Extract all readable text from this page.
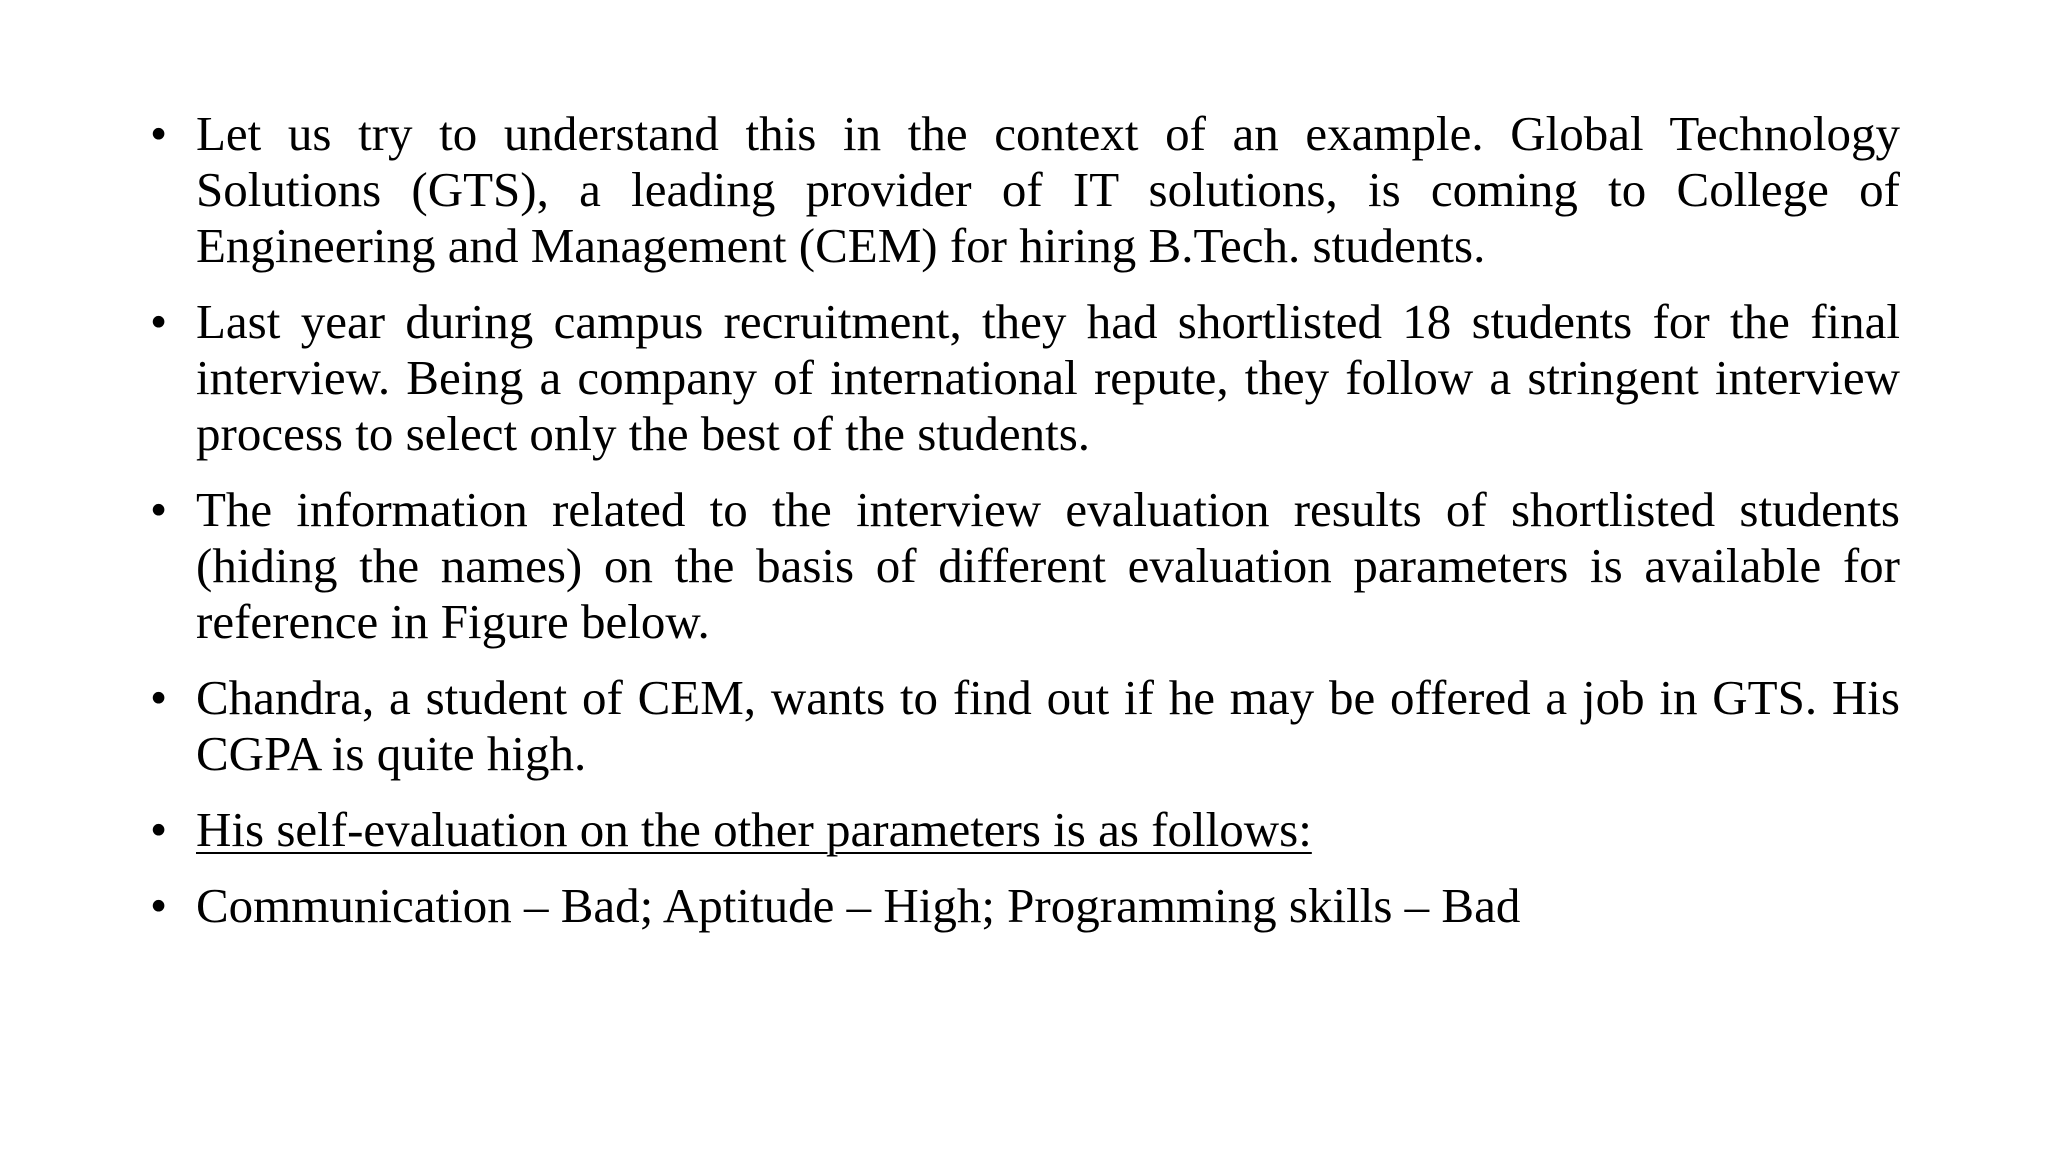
• Let us try to understand this in the context of an example. Global Technology Solutions (GTS), a leading provider of IT solutions, is coming to College of Engineering and Management (CEM) for hiring B.Tech. students.
• Last year during campus recruitment, they had shortlisted 18 students for the final interview. Being a company of international repute, they follow a stringent interview process to select only the best of the students.
• The information related to the interview evaluation results of shortlisted students (hiding the names) on the basis of different evaluation parameters is available for reference in Figure below.
• Chandra, a student of CEM, wants to find out if he may be offered a job in GTS. His CGPA is quite high.
• His self-evaluation on the other parameters is as follows:
• Communication – Bad; Aptitude – High; Programming skills – Bad
